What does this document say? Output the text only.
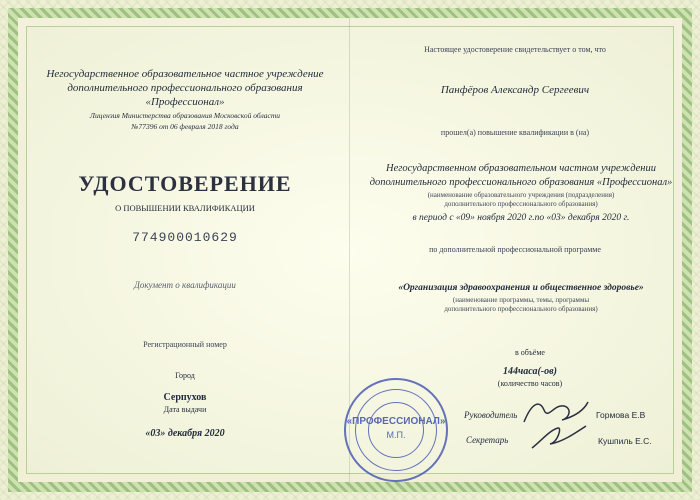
Негосударственное образовательное частное учреждение
дополнительного профессионального образования
«Профессионал»
Лицензия Министерства образования Московской области
№77396 от 06 февраля 2018 года
УДОСТОВЕРЕНИЕ
О ПОВЫШЕНИИ КВАЛИФИКАЦИИ
774900010629
Документ о квалификации
Регистрационный номер
Город
Серпухов
Дата выдачи
«03» декабря 2020
Настоящее удостоверение свидетельствует о том, что
Панфёров Александр Сергеевич
прошел(а) повышение квалификации в (на)
Негосударственном образовательном частном учреждении
дополнительного профессионального образования «Профессионал»
(наименование образовательного учреждения (подразделения)
дополнительного профессионального образования)
в период с «09» ноября 2020 г.по «03» декабря 2020 г.
по дополнительной профессиональной программе
«Организация здравоохранения и общественное здоровье»
(наименование программы, темы, программы
дополнительного профессионального образования)
в объёме
144часа(-ов)
(количество часов)
Руководитель	Гормова Е.В
Секретарь	Кушпиль Е.С.
«ПРОФЕССИОНАЛ»
М.П.
